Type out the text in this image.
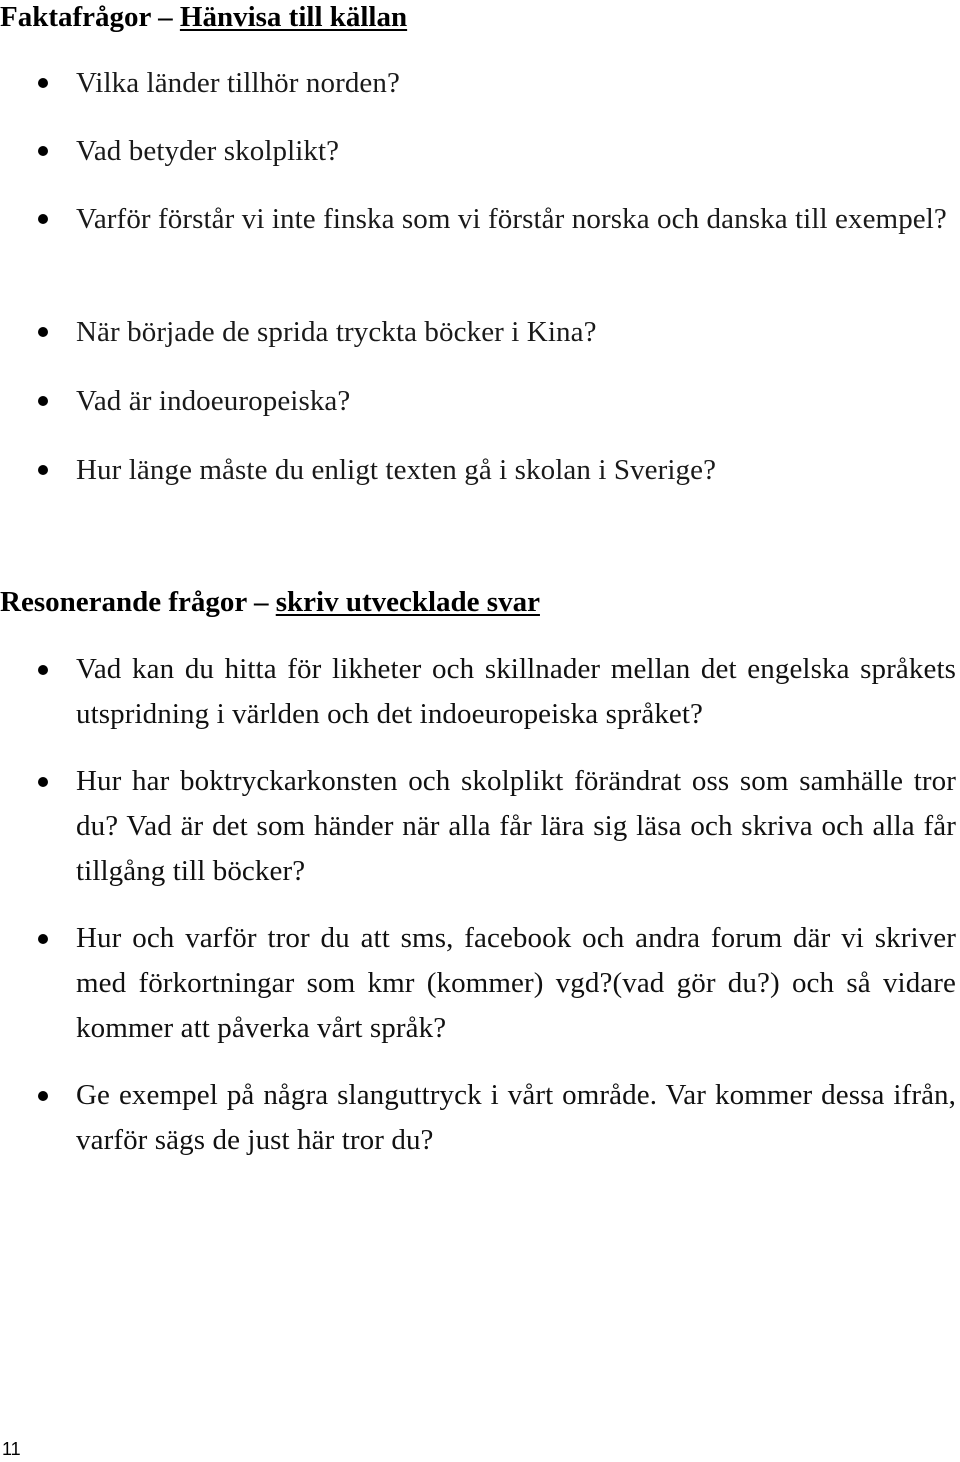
Faktafrågor – Hänvisa till källan

Vilka länder tillhör norden?

Vad betyder skolplikt?

Varför förstår vi inte finska som vi förstår norska och danska till exempel?

När började de sprida tryckta böcker i Kina?

Vad är indoeuropeiska?

Hur länge måste du enligt texten gå i skolan i Sverige?

Resonerande frågor – skriv utvecklade svar

Vad kan du hitta för likheter och skillnader mellan det engelska språkets utspridning i världen och det indoeuropeiska språket?

Hur har boktryckarkonsten och skolplikt förändrat oss som samhälle tror du? Vad är det som händer när alla får lära sig läsa och skriva och alla får tillgång till böcker?

Hur och varför tror du att sms, facebook och andra forum där vi skriver med förkortningar som kmr (kommer) vgd?(vad gör du?) och så vidare kommer att påverka vårt språk?

Ge exempel på några slanguttryck i vårt område. Var kommer dessa ifrån, varför sägs de just här tror du?

11
